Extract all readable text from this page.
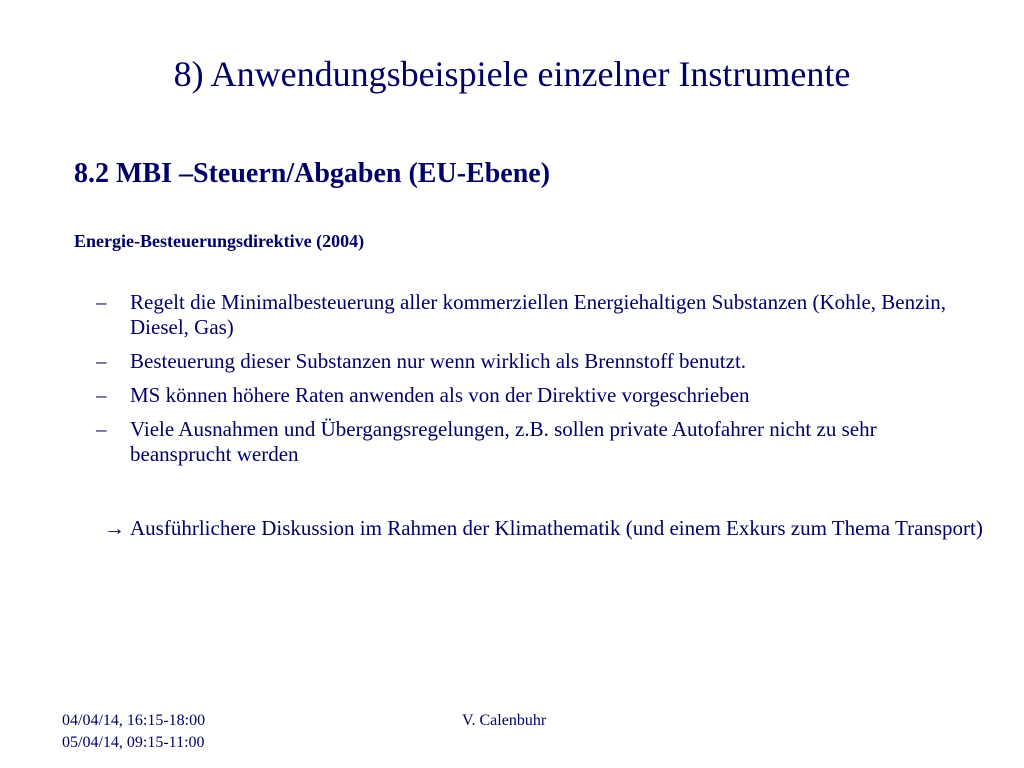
8) Anwendungsbeispiele einzelner Instrumente
8.2 MBI –Steuern/Abgaben (EU-Ebene)
Energie-Besteuerungsdirektive (2004)
– Regelt die Minimalbesteuerung aller kommerziellen Energiehaltigen Substanzen (Kohle, Benzin, Diesel, Gas)
– Besteuerung dieser Substanzen nur wenn wirklich als Brennstoff benutzt.
– MS können höhere Raten anwenden als von der Direktive vorgeschrieben
– Viele Ausnahmen und Übergangsregelungen, z.B. sollen private Autofahrer nicht zu sehr beansprucht werden
→ Ausführlichere Diskussion im Rahmen der Klimathematik (und einem Exkurs zum Thema Transport)
04/04/14, 16:15-18:00
05/04/14, 09:15-11:00
V. Calenbuhr
